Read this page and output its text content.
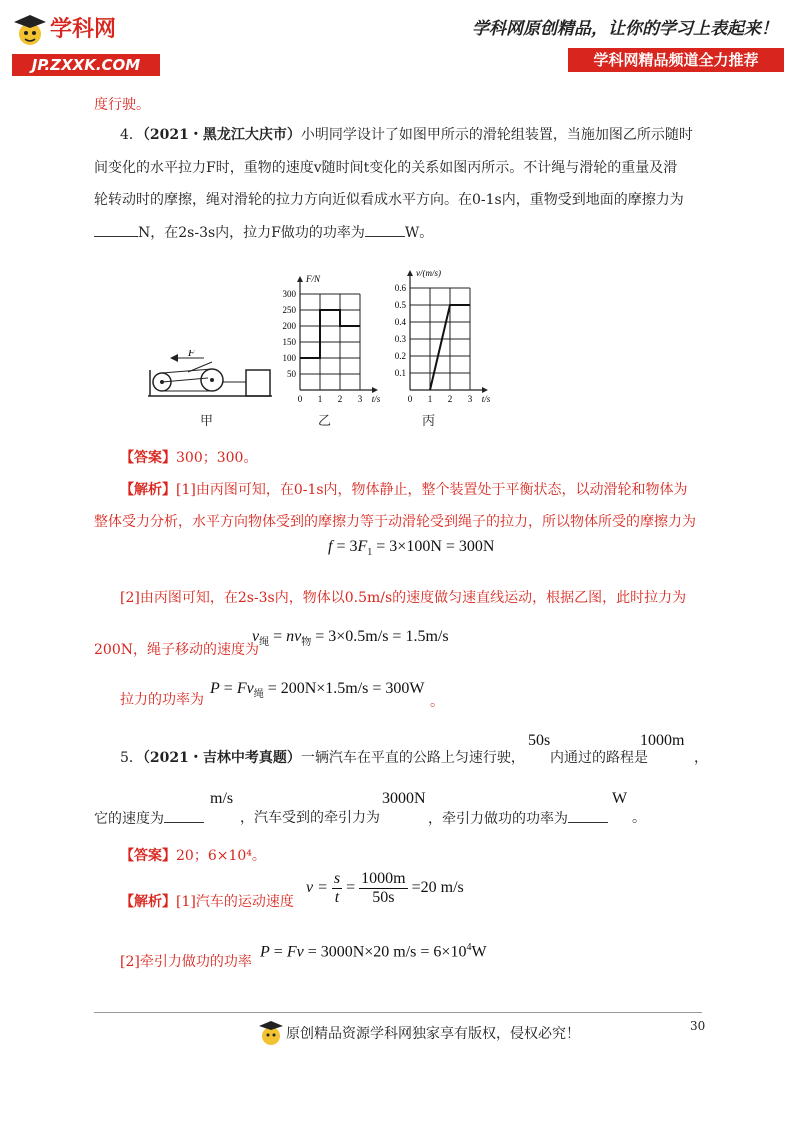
学科网
JP.ZXXK.COM
学科网原创精品，让你的学习上表起来！
学科网精品频道全力推荐
度行驶。
4．（2021・黑龙江大庆市）小明同学设计了如图甲所示的滑轮组装置，当施加图乙所示随时
间变化的水平拉力F时，重物的速度v随时间t变化的关系如图丙所示。不计绳与滑轮的重量及滑
轮转动时的摩擦，绳对滑轮的拉力方向近似看成水平方向。在0-1s内，重物受到地面的摩擦力为
N，在2s-3s内，拉力F做功的功率为	W。
F
甲
0 1 2 3
50
100
150
200
250
300
t/s
F/N
乙
0 1 2 3
0.1
0.2
0.3
0.4
0.5
0.6
t/s
v/(m/s)
丙
【答案】300；300。
【解析】[1]由丙图可知，在0-1s内，物体静止，整个装置处于平衡状态，以动滑轮和物体为
整体受力分析，水平方向物体受到的摩擦力等于动滑轮受到绳子的拉力，所以物体所受的摩擦力为
$f = 3F_1 = 3\times 100N = 300N$
[2]由丙图可知，在2s-3s内，物体以0.5m/s的速度做匀速直线运动，根据乙图，此时拉力为
200N，绳子移动的速度为
$v_绳 = nv_物 = 3\times 0.5m/s = 1.5m/s$
拉力的功率为
$P = Fv_绳 = 200N\times 1.5m/s = 300W$
。
5．（2021・吉林中考真题）一辆汽车在平直的公路上匀速行驶，
50s
内通过的路程是
1000m
，
它的速度为
m/s
，汽车受到的牵引力为
3000N
，牵引力做功的功率为
W
。
【答案】20；6×10⁴。
【解析】[1]汽车的运动速度
$v = \frac{s}{t} = \frac{1000m}{50s} =20$ m/s
[2]牵引力做功的功率
P = Fv = 3000N×20 $m/s = 6\times 10^4W$
30
原创精品资源学科网独家享有版权，侵权必究！
